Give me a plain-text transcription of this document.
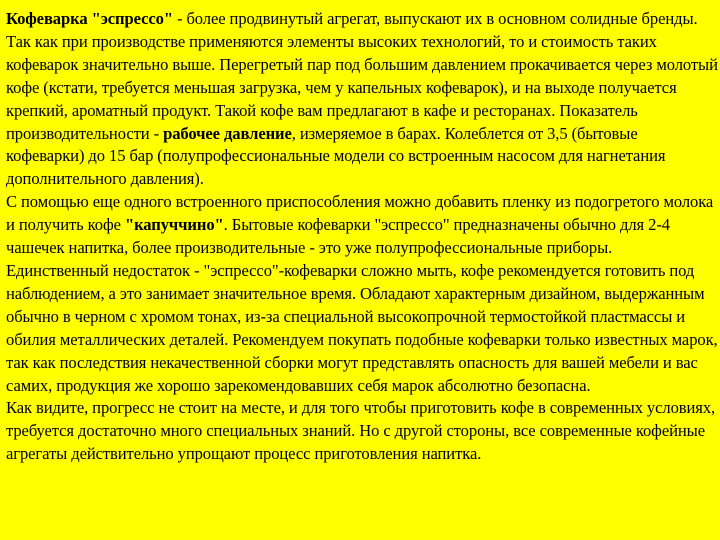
Кофеварка "эспрессо" - более продвинутый агрегат, выпускают их в основном солидные бренды. Так как при производстве применяются элементы высоких технологий, то и стоимость таких кофеварок значительно выше. Перегретый пар под большим давлением прокачивается через молотый кофе (кстати, требуется меньшая загрузка, чем у капельных кофеварок), и на выходе получается крепкий, ароматный продукт. Такой кофе вам предлагают в кафе и ресторанах. Показатель производительности - рабочее давление, измеряемое в барах. Колеблется от 3,5 (бытовые кофеварки) до 15 бар (полупрофессиональные модели со встроенным насосом для нагнетания дополнительного давления).

С помощью еще одного встроенного приспособления можно добавить пленку из подогретого молока и получить кофе "капуччино". Бытовые кофеварки "эспрессо" предназначены обычно для 2-4 чашечек напитка, более производительные - это уже полупрофессиональные приборы. Единственный недостаток - "эспрессо"-кофеварки сложно мыть, кофе рекомендуется готовить под наблюдением, а это занимает значительное время. Обладают характерным дизайном, выдержанным обычно в черном с хромом тонах, из-за специальной высокопрочной термостойкой пластмассы и обилия металлических деталей. Рекомендуем покупать подобные кофеварки только известных марок, так как последствия некачественной сборки могут представлять опасность для вашей мебели и вас самих, продукция же хорошо зарекомендовавших себя марок абсолютно безопасна.

Как видите, прогресс не стоит на месте, и для того чтобы приготовить кофе в современных условиях, требуется достаточно много специальных знаний. Но с другой стороны, все современные кофейные агрегаты действительно упрощают процесс приготовления напитка.
